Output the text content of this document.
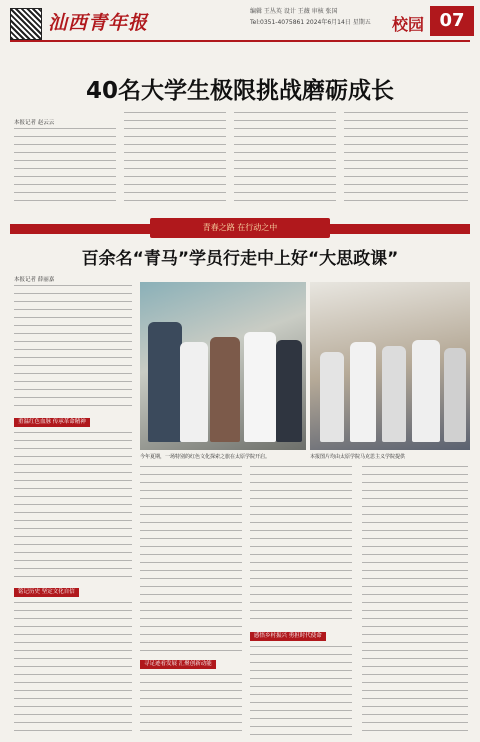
汕西青年报
编辑 王丛英 设计 王薇 审核 张国
Tel:0351-4075861 2024年6月14日 星期五 校园 07
40名大学生极限挑战磨砺成长
本报记者 赵云云
青春之路 在行动之中
百余名“青马”学员行走中上好“大思政课”
本报记者 薛丽嘉
重温红色血脉 传承革命精神
铭记历史 坚定文化自信
今年夏期，一场特别的红色文化探索之旅在太原学院开启。	本报图片均由太原学院马克思主义学院提供
寻足迹看发展 汇聚创新动能
感悟乡村振兴 勇担时代使命
